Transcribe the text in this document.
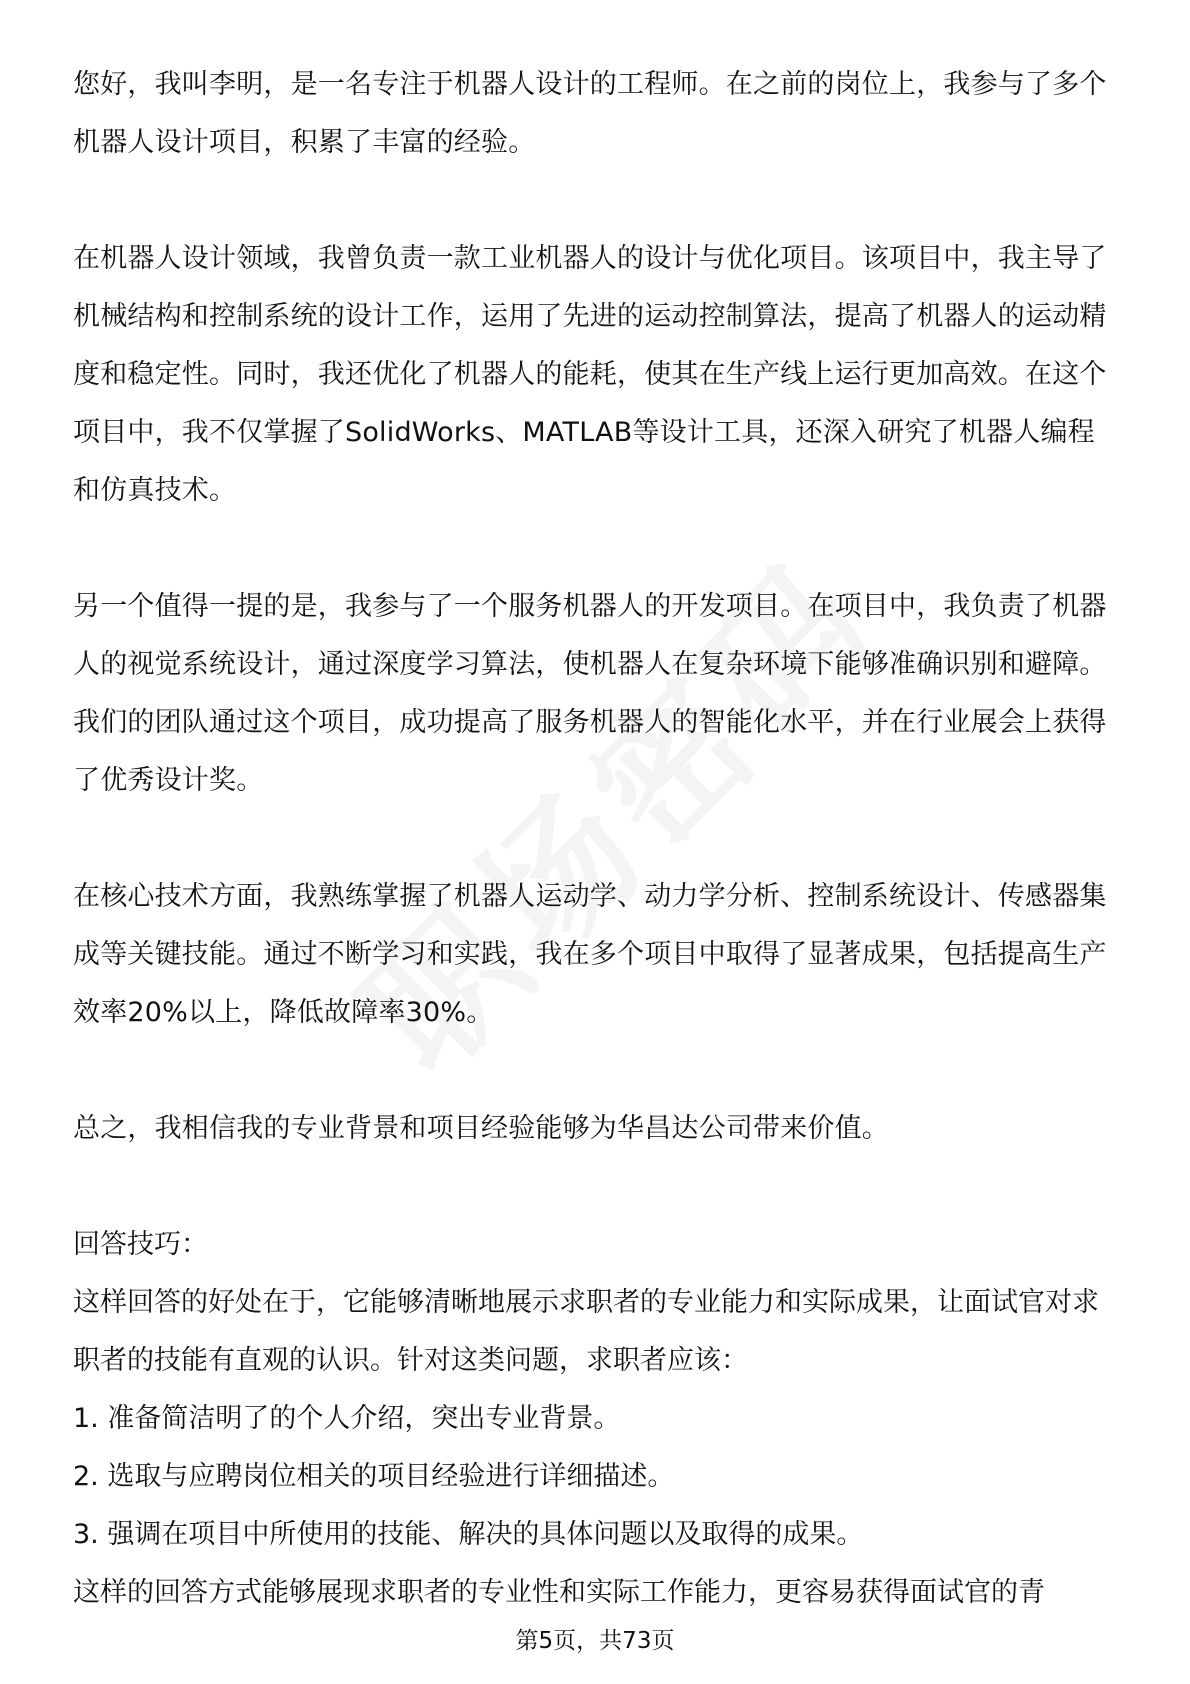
您好，我叫李明，是一名专注于机器人设计的工程师。在之前的岗位上，我参与了多个机器人设计项目，积累了丰富的经验。

在机器人设计领域，我曾负责一款工业机器人的设计与优化项目。该项目中，我主导了机械结构和控制系统的设计工作，运用了先进的运动控制算法，提高了机器人的运动精度和稳定性。同时，我还优化了机器人的能耗，使其在生产线上运行更加高效。在这个项目中，我不仅掌握了SolidWorks、MATLAB等设计工具，还深入研究了机器人编程和仿真技术。

另一个值得一提的是，我参与了一个服务机器人的开发项目。在项目中，我负责了机器人的视觉系统设计，通过深度学习算法，使机器人在复杂环境下能够准确识别和避障。我们的团队通过这个项目，成功提高了服务机器人的智能化水平，并在行业展会上获得了优秀设计奖。

在核心技术方面，我熟练掌握了机器人运动学、动力学分析、控制系统设计、传感器集成等关键技能。通过不断学习和实践，我在多个项目中取得了显著成果，包括提高生产效率20%以上，降低故障率30%。

总之，我相信我的专业背景和项目经验能够为华昌达公司带来价值。

回答技巧：

这样回答的好处在于，它能够清晰地展示求职者的专业能力和实际成果，让面试官对求职者的技能有直观的认识。针对这类问题，求职者应该：

1. 准备简洁明了的个人介绍，突出专业背景。

2. 选取与应聘岗位相关的项目经验进行详细描述。

3. 强调在项目中所使用的技能、解决的具体问题以及取得的成果。

这样的回答方式能够展现求职者的专业性和实际工作能力，更容易获得面试官的青

第5页，共73页
